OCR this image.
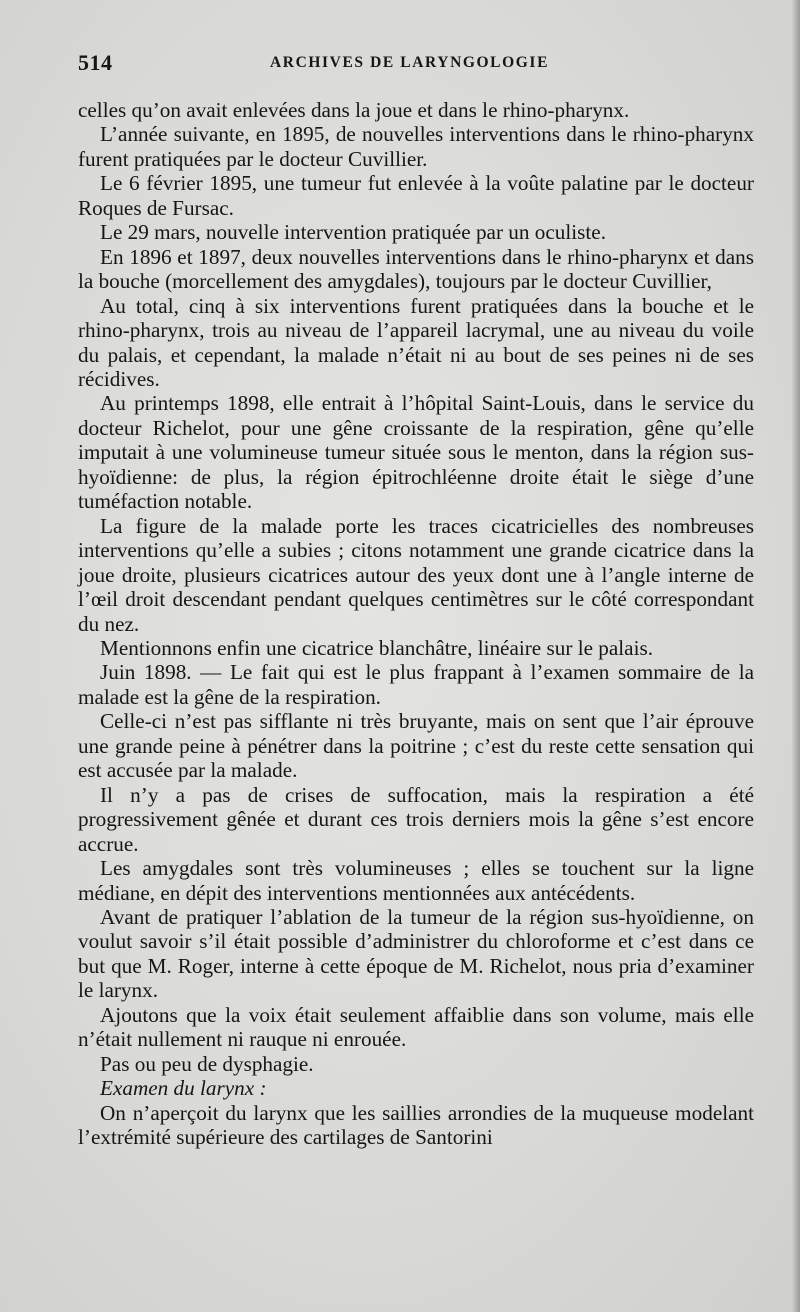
514	ARCHIVES DE LARYNGOLOGIE

celles qu’on avait enlevées dans la joue et dans le rhino-pharynx.

L’année suivante, en 1895, de nouvelles interventions dans le rhino-pharynx furent pratiquées par le docteur Cuvillier.

Le 6 février 1895, une tumeur fut enlevée à la voûte palatine par le docteur Roques de Fursac.

Le 29 mars, nouvelle intervention pratiquée par un oculiste.

En 1896 et 1897, deux nouvelles interventions dans le rhino-pharynx et dans la bouche (morcellement des amygdales), toujours par le docteur Cuvillier,

Au total, cinq à six interventions furent pratiquées dans la bouche et le rhino-pharynx, trois au niveau de l’appareil lacrymal, une au niveau du voile du palais, et cependant, la malade n’était ni au bout de ses peines ni de ses récidives.

Au printemps 1898, elle entrait à l’hôpital Saint-Louis, dans le service du docteur Richelot, pour une gêne croissante de la respiration, gêne qu’elle imputait à une volumineuse tumeur située sous le menton, dans la région sus-hyoïdienne: de plus, la région épitrochléenne droite était le siège d’une tuméfaction notable.

La figure de la malade porte les traces cicatricielles des nombreuses interventions qu’elle a subies ; citons notamment une grande cicatrice dans la joue droite, plusieurs cicatrices autour des yeux dont une à l’angle interne de l’œil droit descendant pendant quelques centimètres sur le côté correspondant du nez.

Mentionnons enfin une cicatrice blanchâtre, linéaire sur le palais.

Juin 1898. — Le fait qui est le plus frappant à l’examen sommaire de la malade est la gêne de la respiration.

Celle-ci n’est pas sifflante ni très bruyante, mais on sent que l’air éprouve une grande peine à pénétrer dans la poitrine ; c’est du reste cette sensation qui est accusée par la malade.

Il n’y a pas de crises de suffocation, mais la respiration a été progressivement gênée et durant ces trois derniers mois la gêne s’est encore accrue.

Les amygdales sont très volumineuses ; elles se touchent sur la ligne médiane, en dépit des interventions mentionnées aux antécédents.

Avant de pratiquer l’ablation de la tumeur de la région sus-hyoïdienne, on voulut savoir s’il était possible d’administrer du chloroforme et c’est dans ce but que M. Roger, interne à cette époque de M. Richelot, nous pria d’examiner le larynx.

Ajoutons que la voix était seulement affaiblie dans son volume, mais elle n’était nullement ni rauque ni enrouée.

Pas ou peu de dysphagie.

Examen du larynx :

On n’aperçoit du larynx que les saillies arrondies de la muqueuse modelant l’extrémité supérieure des cartilages de Santorini
